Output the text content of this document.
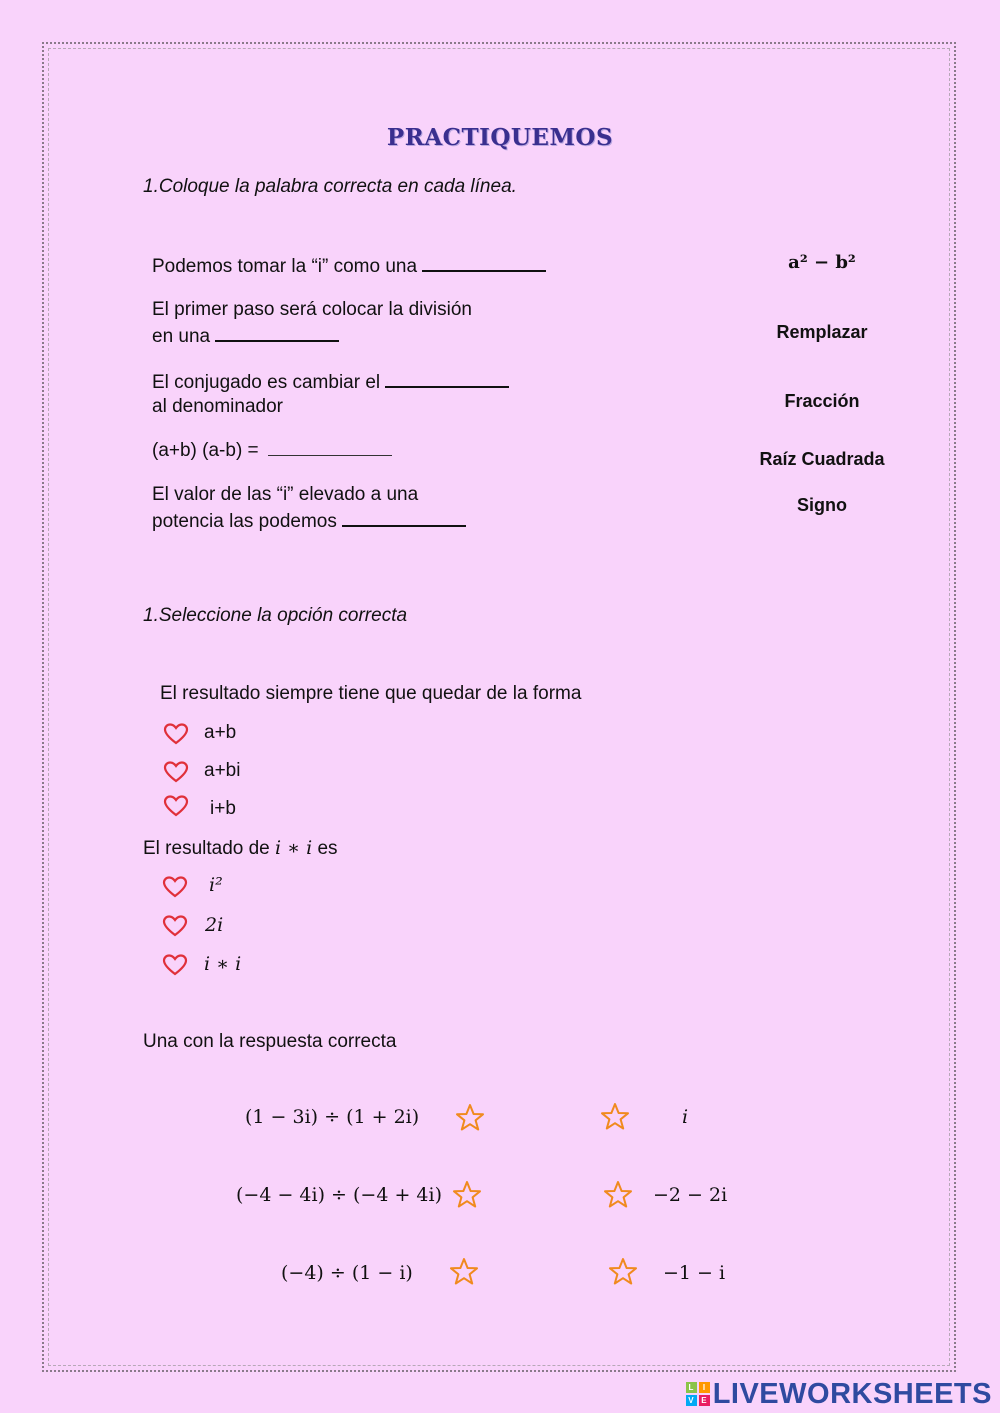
PRACTIQUEMOS
1.Coloque la palabra correcta en cada línea.
Podemos tomar la “i” como una
El primer paso será colocar la división
en una
El conjugado es cambiar el
al denominador
(a+b) (a-b) =
El valor de las “i” elevado a una
potencia las podemos
a² − b²
Remplazar
Fracción
Raíz Cuadrada
Signo
1.Seleccione la opción correcta
El resultado siempre tiene que quedar de la forma
a+b
a+bi
i+b
El resultado de i ∗ i es
i²
2i
i ∗ i
Una con la respuesta correcta
(1 − 3i) ÷ (1 + 2i)	i
(−4 − 4i) ÷ (−4 + 4i)	−2 − 2i
(−4) ÷ (1 − i)	−1 − i
L	I
V E LIVEWORKSHEETS
